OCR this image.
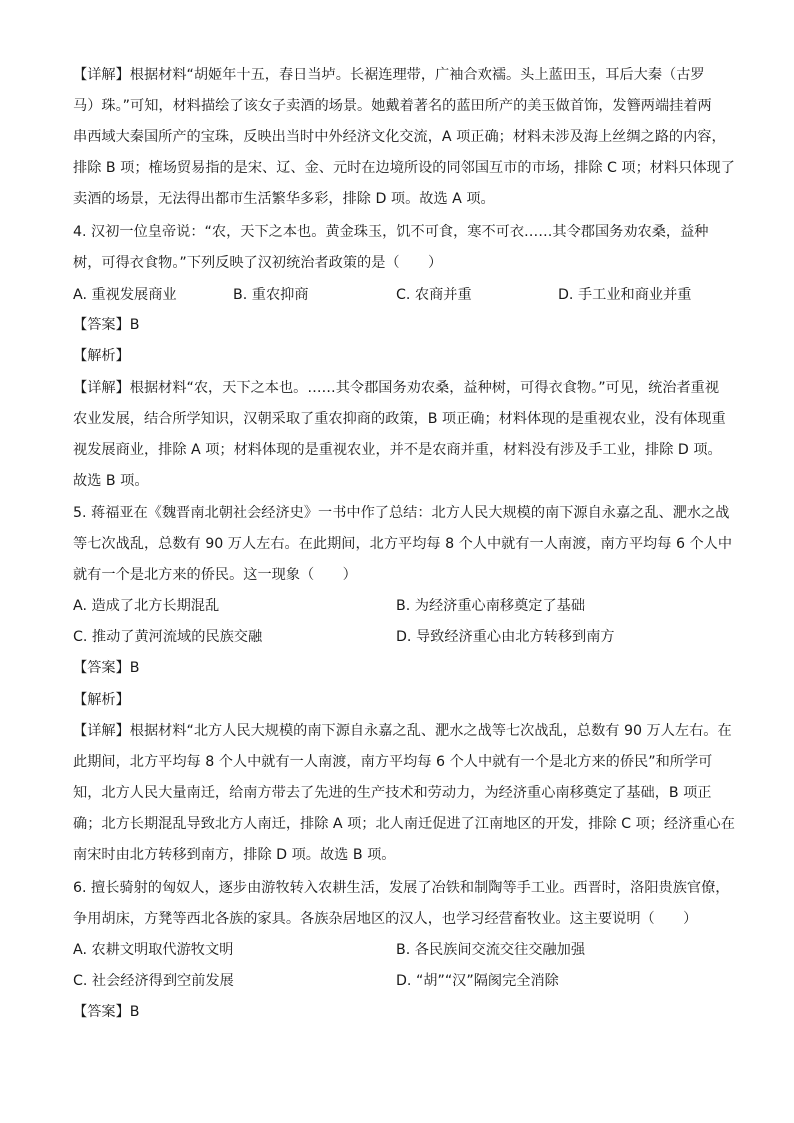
【详解】根据材料“胡姬年十五，春日当垆。长裾连理带，广袖合欢襦。头上蓝田玉，耳后大秦（古罗
马）珠。”可知，材料描绘了该女子卖酒的场景。她戴着著名的蓝田所产的美玉做首饰，发簪两端挂着两
串西域大秦国所产的宝珠，反映出当时中外经济文化交流，A 项正确；材料未涉及海上丝绸之路的内容，
排除 B 项；榷场贸易指的是宋、辽、金、元时在边境所设的同邻国互市的市场，排除 C 项；材料只体现了
卖酒的场景，无法得出都市生活繁华多彩，排除 D 项。故选 A 项。
4. 汉初一位皇帝说：“农，天下之本也。黄金珠玉，饥不可食，寒不可衣……其令郡国务劝农桑，益种
树，可得衣食物。”下列反映了汉初统治者政策的是（　　）
A. 重视发展商业	B. 重农抑商	C. 农商并重	D. 手工业和商业并重
【答案】B
【解析】
【详解】根据材料“农，天下之本也。……其令郡国务劝农桑，益种树，可得衣食物。”可见，统治者重视
农业发展，结合所学知识，汉朝采取了重农抑商的政策，B 项正确；材料体现的是重视农业，没有体现重
视发展商业，排除 A 项；材料体现的是重视农业，并不是农商并重，材料没有涉及手工业，排除 D 项。
故选 B 项。
5. 蒋福亚在《魏晋南北朝社会经济史》一书中作了总结：北方人民大规模的南下源自永嘉之乱、淝水之战
等七次战乱，总数有 90 万人左右。在此期间，北方平均每 8 个人中就有一人南渡，南方平均每 6 个人中
就有一个是北方来的侨民。这一现象（　　）
A. 造成了北方长期混乱	B. 为经济重心南移奠定了基础
C. 推动了黄河流域的民族交融	D. 导致经济重心由北方转移到南方
【答案】B
【解析】
【详解】根据材料“北方人民大规模的南下源自永嘉之乱、淝水之战等七次战乱，总数有 90 万人左右。在
此期间，北方平均每 8 个人中就有一人南渡，南方平均每 6 个人中就有一个是北方来的侨民”和所学可
知，北方人民大量南迁，给南方带去了先进的生产技术和劳动力，为经济重心南移奠定了基础，B 项正
确；北方长期混乱导致北方人南迁，排除 A 项；北人南迁促进了江南地区的开发，排除 C 项；经济重心在
南宋时由北方转移到南方，排除 D 项。故选 B 项。
6. 擅长骑射的匈奴人，逐步由游牧转入农耕生活，发展了冶铁和制陶等手工业。西晋时，洛阳贵族官僚，
争用胡床，方凳等西北各族的家具。各族杂居地区的汉人，也学习经营畜牧业。这主要说明（　　）
A. 农耕文明取代游牧文明	B. 各民族间交流交往交融加强
C. 社会经济得到空前发展	D. “胡”“汉”隔阂完全消除
【答案】B
